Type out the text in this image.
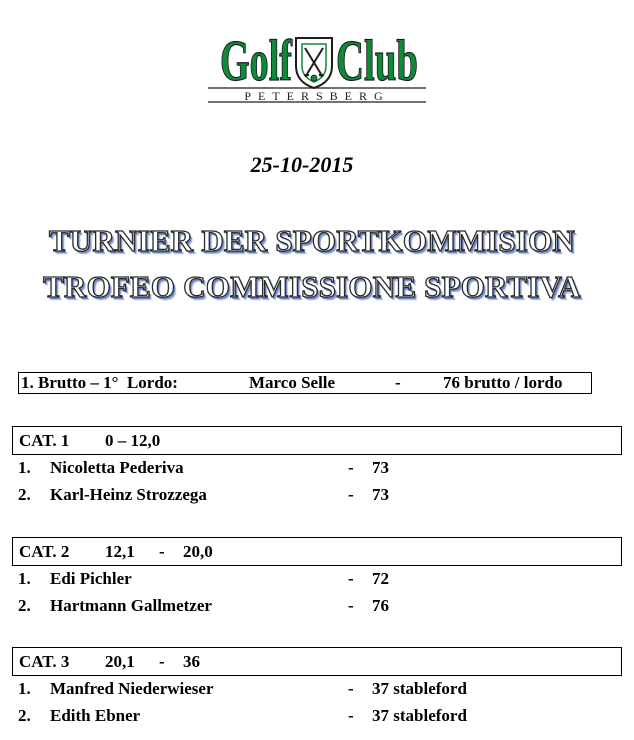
Golf Club
PETERSBERG
25-10-2015
TURNIER DER SPORTKOMMISION
TROFEO COMMISSIONE SPORTIVA
1. Brutto – 1°  Lordo:	Marco Selle	- 76 brutto / lordo
CAT. 1 0 – 12,0
1. Nicoletta Pederiva	- 73
2. Karl-Heinz Strozzega	- 73
CAT. 2 12,1 - 20,0
1. Edi Pichler	- 72
2. Hartmann Gallmetzer	- 76
CAT. 3 20,1 - 36
1. Manfred Niederwieser	- 37 stableford
2. Edith Ebner	- 37 stableford
